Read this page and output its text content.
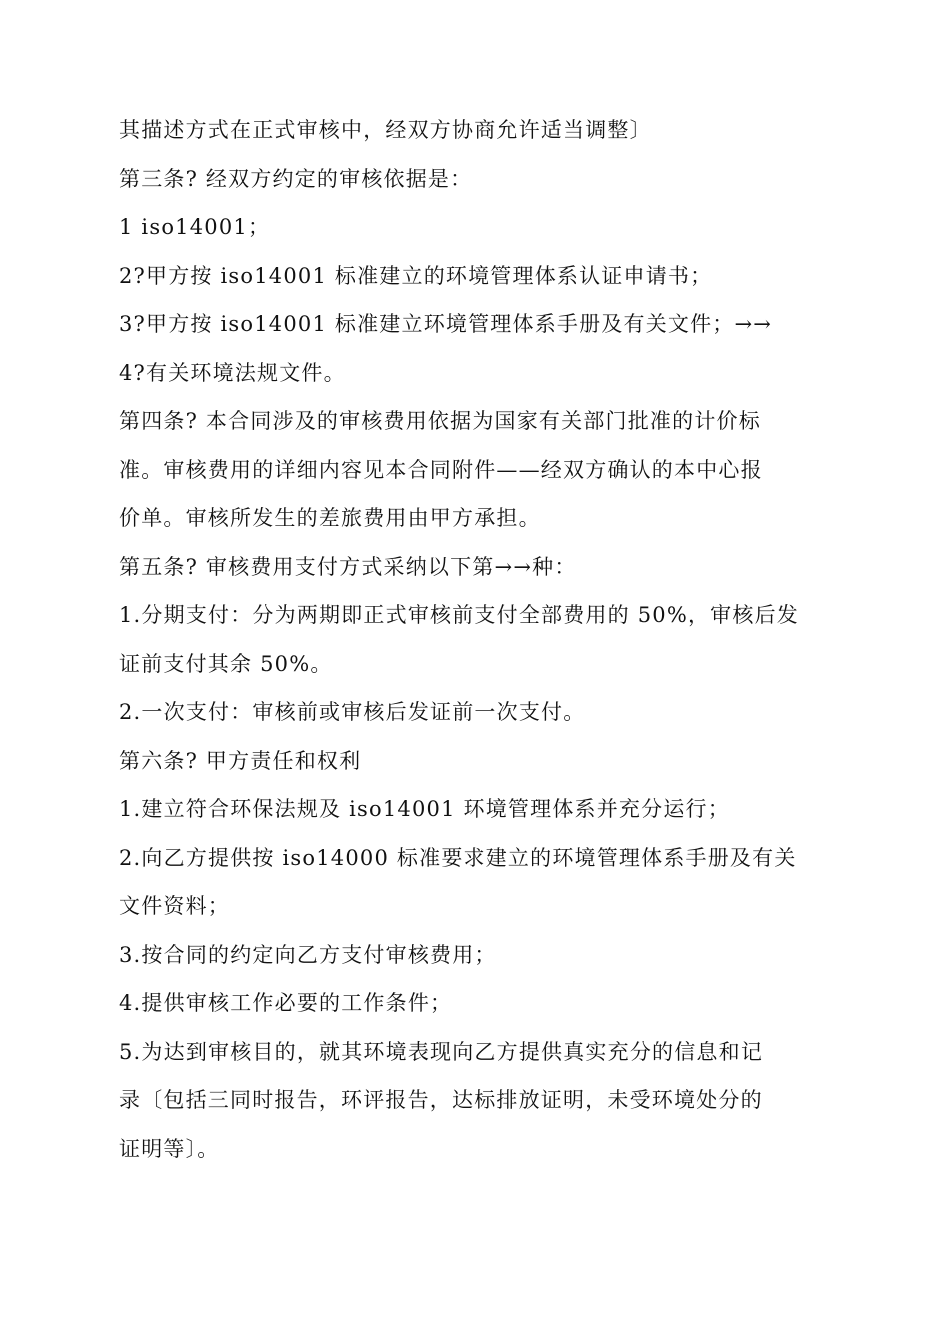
其描述方式在正式审核中，经双方协商允许适当调整〕
第三条? 经双方约定的审核依据是：
1 iso14001；
2?甲方按 iso14001 标准建立的环境管理体系认证申请书；
3?甲方按 iso14001 标准建立环境管理体系手册及有关文件；→→
4?有关环境法规文件。
第四条? 本合同涉及的审核费用依据为国家有关部门批准的计价标
准。审核费用的详细内容见本合同附件——经双方确认的本中心报
价单。审核所发生的差旅费用由甲方承担。
第五条? 审核费用支付方式采纳以下第→→种：
1.分期支付：分为两期即正式审核前支付全部费用的 50%，审核后发
证前支付其余 50%。
2.一次支付：审核前或审核后发证前一次支付。
第六条? 甲方责任和权利
1.建立符合环保法规及 iso14001 环境管理体系并充分运行；
2.向乙方提供按 iso14000 标准要求建立的环境管理体系手册及有关
文件资料；
3.按合同的约定向乙方支付审核费用；
4.提供审核工作必要的工作条件；
5.为达到审核目的，就其环境表现向乙方提供真实充分的信息和记
录〔包括三同时报告，环评报告，达标排放证明，未受环境处分的
证明等〕。
